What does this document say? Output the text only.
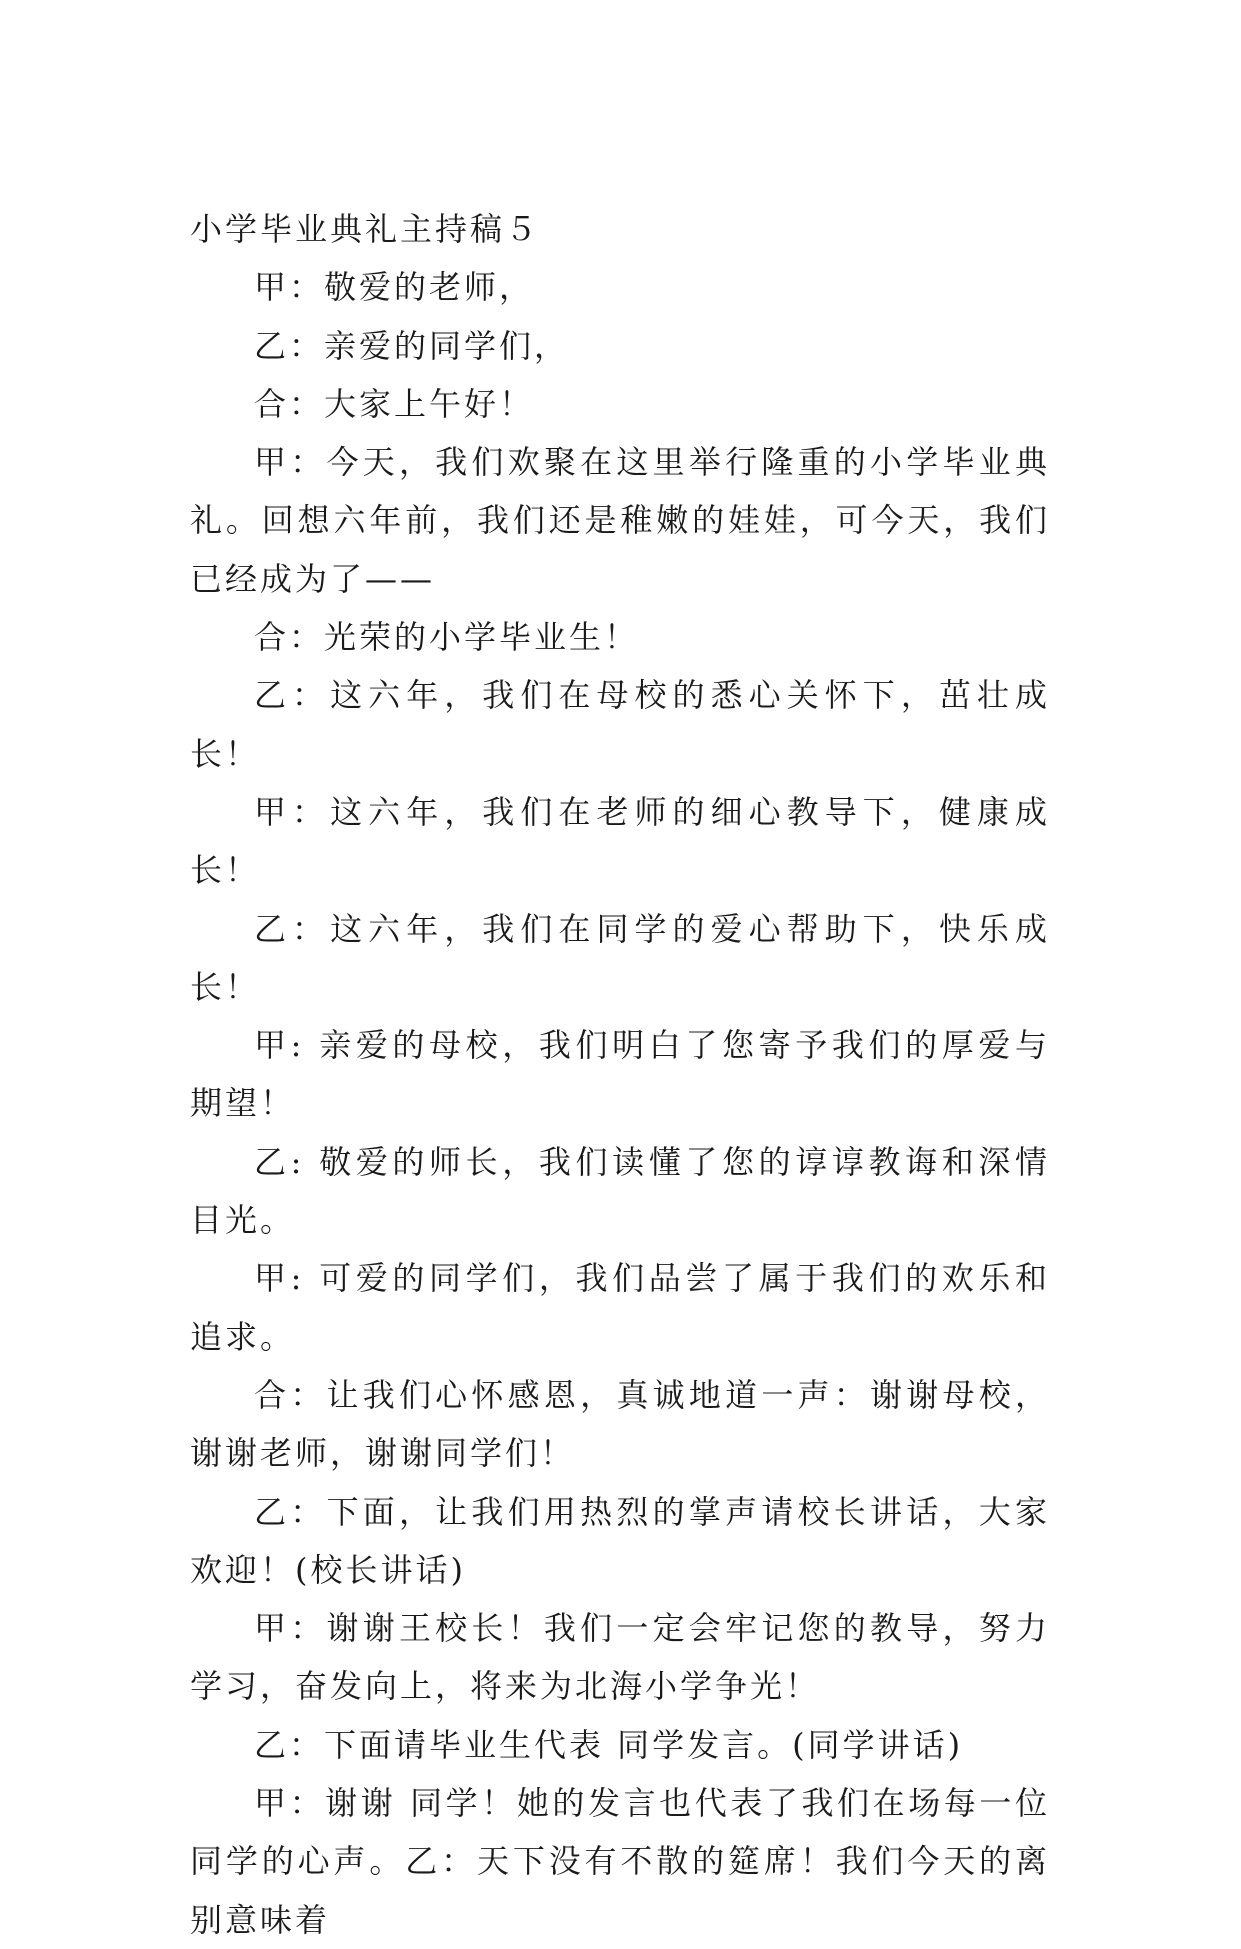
小学毕业典礼主持稿５

甲：敬爱的老师，

乙：亲爱的同学们，

合：大家上午好！

甲：今天，我们欢聚在这里举行隆重的小学毕业典礼。回想六年前，我们还是稚嫩的娃娃，可今天，我们已经成为了——

合：光荣的小学毕业生！

乙：这六年，我们在母校的悉心关怀下，茁壮成长！

甲：这六年，我们在老师的细心教导下，健康成长！

乙：这六年，我们在同学的爱心帮助下，快乐成长！

甲: 亲爱的母校，我们明白了您寄予我们的厚爱与期望！

乙: 敬爱的师长，我们读懂了您的谆谆教诲和深情目光。

甲: 可爱的同学们，我们品尝了属于我们的欢乐和追求。

合：让我们心怀感恩，真诚地道一声：谢谢母校，谢谢老师，谢谢同学们！

乙：下面，让我们用热烈的掌声请校长讲话，大家欢迎！(校长讲话)

甲：谢谢王校长！我们一定会牢记您的教导，努力学习，奋发向上，将来为北海小学争光！

乙：下面请毕业生代表 同学发言。(同学讲话)

甲：谢谢 同学！她的发言也代表了我们在场每一位同学的心声。乙：天下没有不散的筵席！我们今天的离别意味着
